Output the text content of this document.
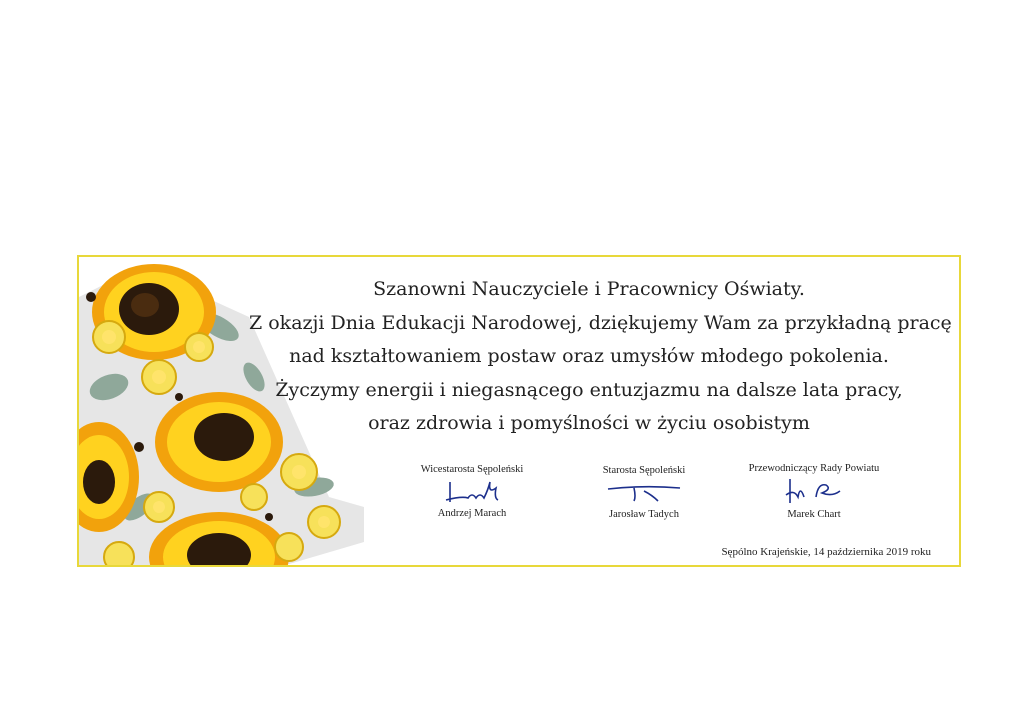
Szanowni Nauczyciele i Pracownicy Oświaty.
Z okazji Dnia Edukacji Narodowej, dziękujemy Wam za przykładną pracę
nad kształtowaniem postaw oraz umysłów młodego pokolenia.
Życzymy energii i niegasnącego entuzjazmu na dalsze lata pracy,
oraz zdrowia i pomyślności w życiu osobistym
Wicestarosta Sępoleński
Andrzej Marach
Starosta Sępoleński
Jarosław Tadych
Przewodniczący Rady Powiatu
Marek Chart
Sępólno Krajeńskie, 14 października 2019 roku
